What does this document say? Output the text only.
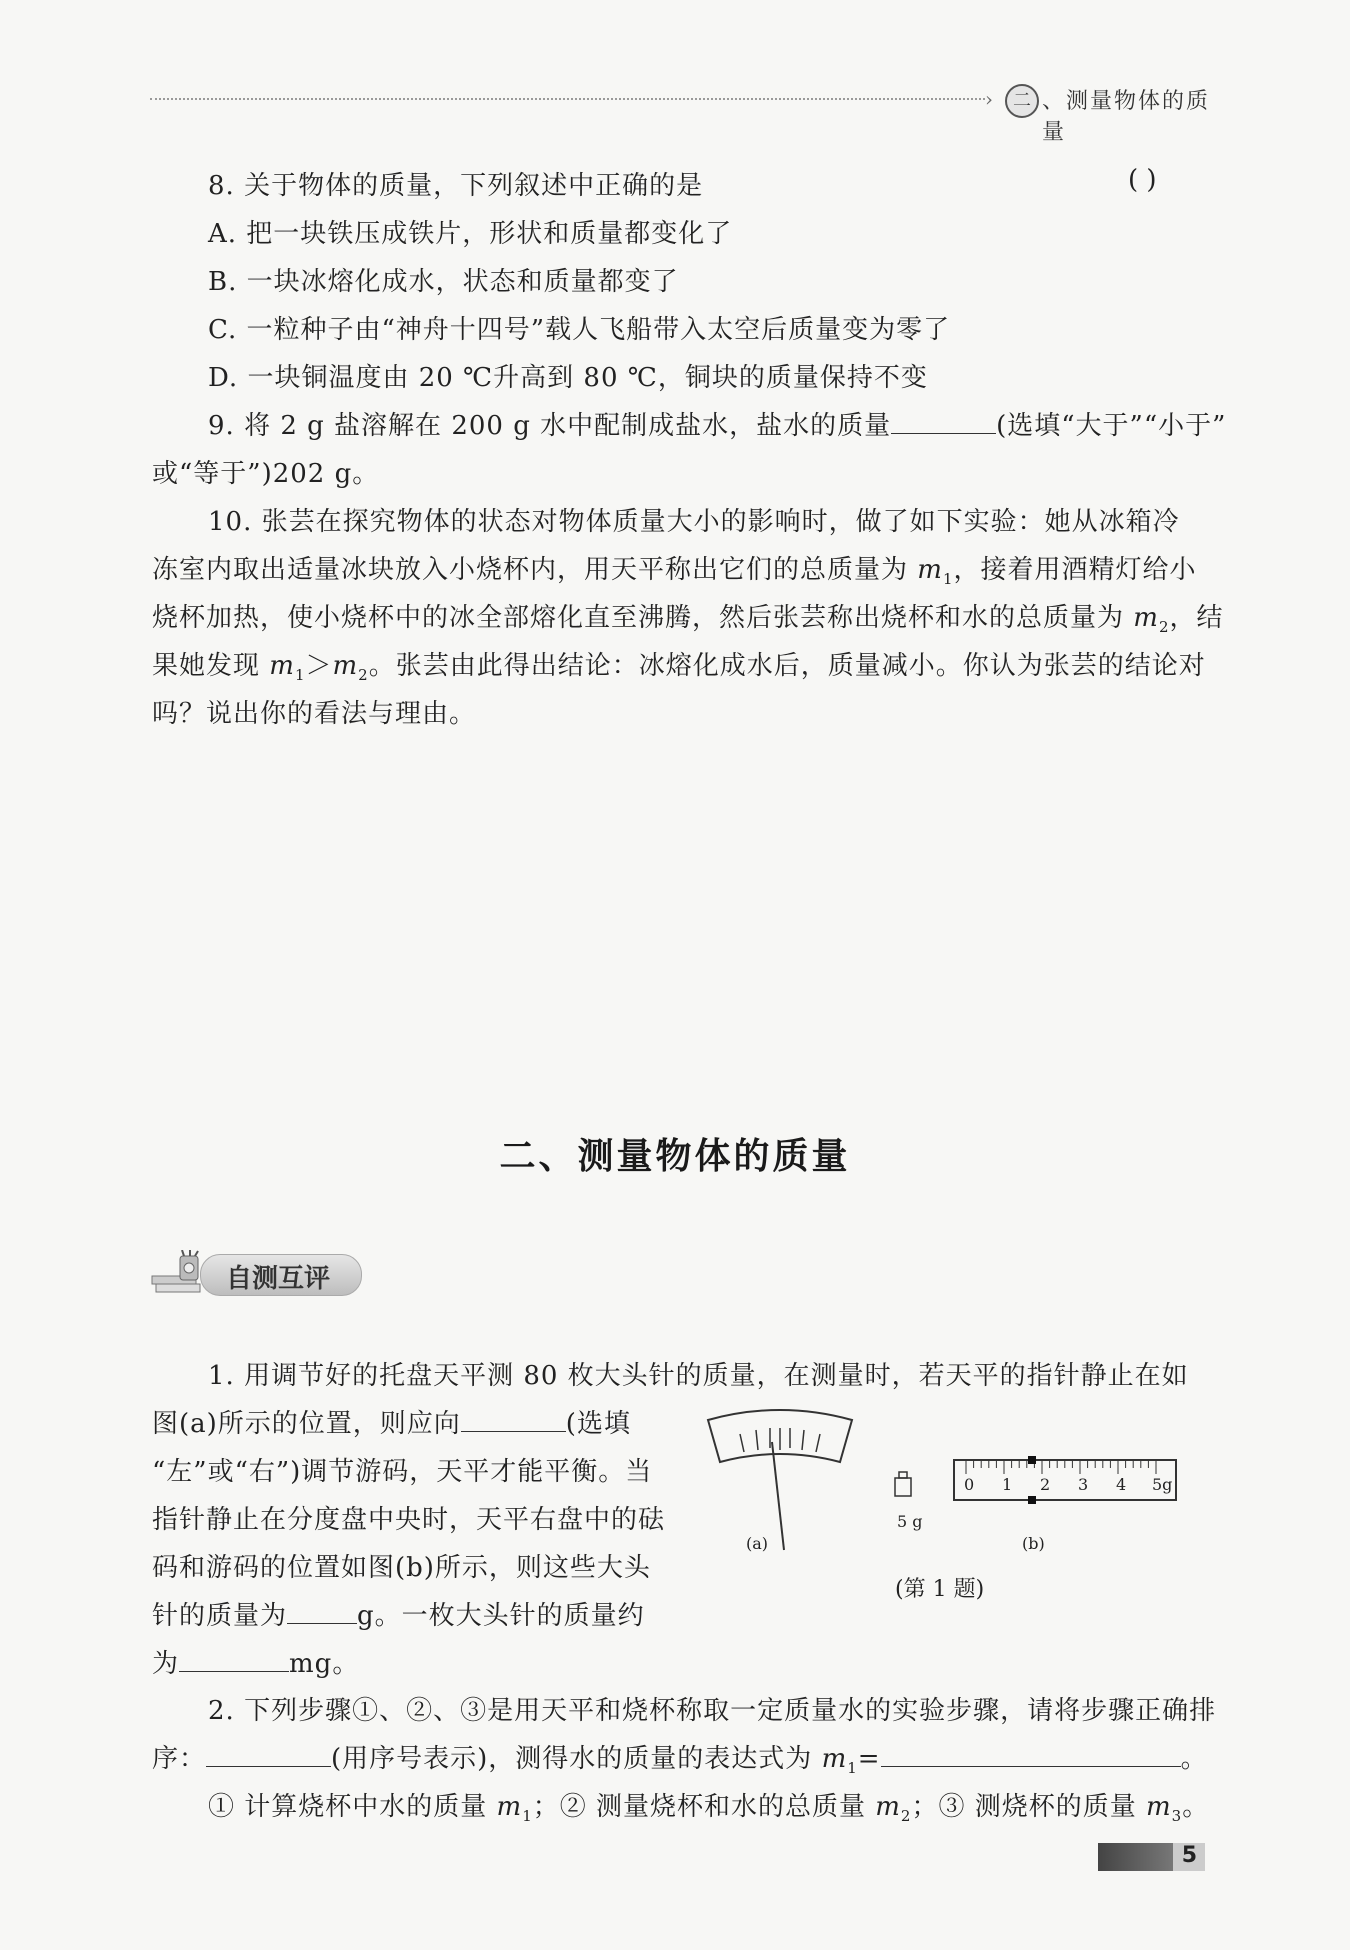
›	二 、测量物体的质量
8. 关于物体的质量，下列叙述中正确的是	( )
A. 把一块铁压成铁片，形状和质量都变化了
B. 一块冰熔化成水，状态和质量都变了
C. 一粒种子由“神舟十四号”载人飞船带入太空后质量变为零了
D. 一块铜温度由 20 ℃升高到 80 ℃，铜块的质量保持不变
9. 将 2 g 盐溶解在 200 g 水中配制成盐水，盐水的质量	(选填“大于”“小于”
或“等于”)202 g。
10. 张芸在探究物体的状态对物体质量大小的影响时，做了如下实验：她从冰箱冷
冻室内取出适量冰块放入小烧杯内，用天平称出它们的总质量为 $m_1$，接着用酒精灯给小
烧杯加热，使小烧杯中的冰全部熔化直至沸腾，然后张芸称出烧杯和水的总质量为 $m_2$，结
果她发现 $m_1>m_2$。张芸由此得出结论：冰熔化成水后，质量减小。你认为张芸的结论对
吗？说出你的看法与理由。
二、测量物体的质量
自测互评
1. 用调节好的托盘天平测 80 枚大头针的质量，在测量时，若天平的指针静止在如
图(a)所示的位置，则应向	(选填
“左”或“右”)调节游码，天平才能平衡。当
指针静止在分度盘中央时，天平右盘中的砝
码和游码的位置如图(b)所示，则这些大头
针的质量为	g。一枚大头针的质量约
为	mg。
5 g
0 1 2 3 4 5g
(a)	(b)
(第 1 题)
2. 下列步骤①、②、③是用天平和烧杯称取一定质量水的实验步骤，请将步骤正确排
序：	(用序号表示)，测得水的质量的表达式为 $m_1=$	。
① 计算烧杯中水的质量 $m_1$；② 测量烧杯和水的总质量 $m_2$；③ 测烧杯的质量 $m_3$。
5
